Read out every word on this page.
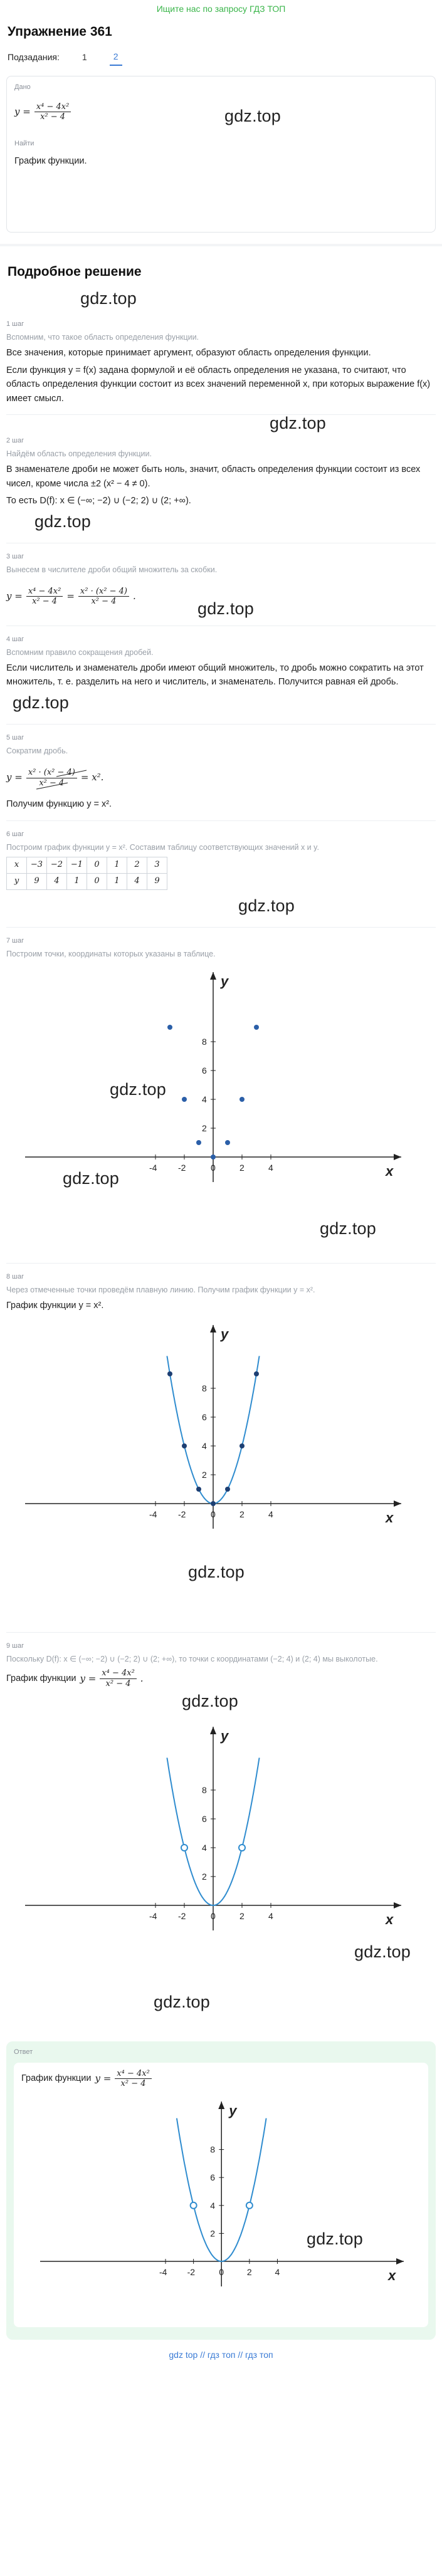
Ищите нас по запросу ГДЗ ТОП
Упражнение 361
Подзадания:	1	2
Дано
$y = \frac{\text{x⁴ − 4x²}}{\text{x² − 4}}$	gdz.top
Найти
График функции.
Подробное решение
gdz.top
1 шаг
Вспомним, что такое область определения функции.
Все значения, которые принимает аргумент, образуют область определения функции.
Если функция y = f(x) задана формулой и её область определения не указана, то считают, что область определения функции состоит из всех значений переменной x, при которых выражение f(x) имеет смысл.
gdz.top
2 шаг
Найдём область определения функции.
В знаменателе дроби не может быть ноль, значит, область определения функции состоит из всех чисел, кроме числа ±2 (x² − 4 ≠ 0).
То есть D(f): x ∈ (−∞; −2) ∪ (−2; 2) ∪ (2; +∞).
gdz.top
3 шаг
Вынесем в числителе дроби общий множитель за скобки.
$y = \frac{\text{x⁴ − 4x²}}{\text{x² − 4}} = \frac{\text{x² · (x² − 4)}}{\text{x² − 4}}$ .
gdz.top
4 шаг
Вспомним правило сокращения дробей.
Если числитель и знаменатель дроби имеют общий множитель, то дробь можно сократить на этот множитель, т. е. разделить на него и числитель, и знаменатель. Получится равная ей дробь.
gdz.top
5 шаг
Сократим дробь.
$y = \frac{\text{x² · (x² − 4)}}{\text{x² − 4}} = x^2$.
Получим функцию y = x².
6 шаг
Построим график функции y = x². Составим таблицу соответствующих значений x и y.
x	−3	−2	−1	0	1	2	3
y	9	4	1	0	1	4	9
gdz.top
7 шаг
Построим точки, координаты которых указаны в таблице.
x
y
-4 -2	0	2	4
2
4
6
8
gdz.top
gdz.top
gdz.top
8 шаг
Через отмеченные точки проведём плавную линию. Получим график функции y = x².
График функции y = x².
x
y
-4 -2	0	2	4
2
4
6
8
gdz.top
9 шаг
Поскольку D(f): x ∈ (−∞; −2) ∪ (−2; 2) ∪ (2; +∞), то точки с координатами (−2; 4) и (2; 4) мы выколотые.
График функции $y = \frac{\text{x⁴ − 4x²}}{\text{x² − 4}}$ .
gdz.top
x
y
-4 -2	0	2	4
2
4
6
8
gdz.top
gdz.top
Ответ
График функции $y = \frac{\text{x⁴ − 4x²}}{\text{x² − 4}}$
x
y
-4 -2	0	2	4
2
4
6
8
gdz.top
gdz top // гдз топ // гдз топ
